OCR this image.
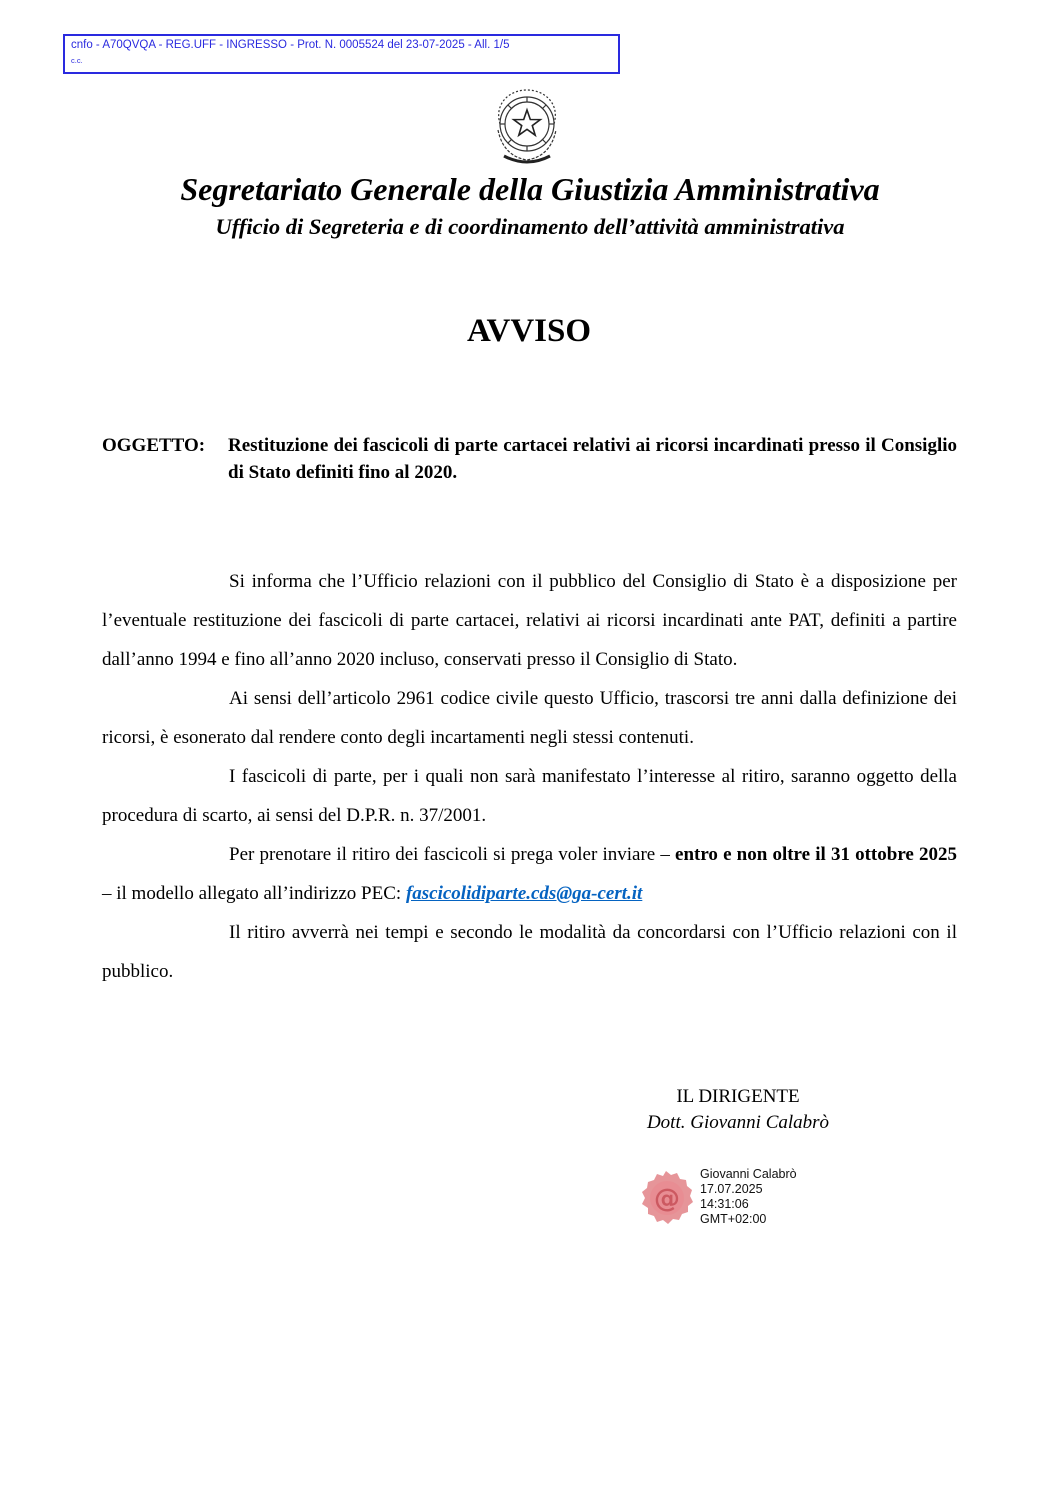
cnfo - A70QVQA - REG.UFF - INGRESSO - Prot. N. 0005524 del 23-07-2025 - All. 1/5
c.c.
Segretariato Generale della Giustizia Amministrativa
Ufficio di Segreteria e di coordinamento dell’attività amministrativa
AVVISO
OGGETTO: Restituzione dei fascicoli di parte cartacei relativi ai ricorsi incardinati presso il Consiglio di Stato definiti fino al 2020.

Si informa che l’Ufficio relazioni con il pubblico del Consiglio di Stato è a disposizione per l’eventuale restituzione dei fascicoli di parte cartacei, relativi ai ricorsi incardinati ante PAT, definiti a partire dall’anno 1994 e fino all’anno 2020 incluso, conservati presso il Consiglio di Stato.

Ai sensi dell’articolo 2961 codice civile questo Ufficio, trascorsi tre anni dalla definizione dei ricorsi, è esonerato dal rendere conto degli incartamenti negli stessi contenuti.

I fascicoli di parte, per i quali non sarà manifestato l’interesse al ritiro, saranno oggetto della procedura di scarto, ai sensi del D.P.R. n. 37/2001.

Per prenotare il ritiro dei fascicoli si prega voler inviare – entro e non oltre il 31 ottobre 2025 – il modello allegato all’indirizzo PEC: fascicolidiparte.cds@ga-cert.it

Il ritiro avverrà nei tempi e secondo le modalità da concordarsi con l’Ufficio relazioni con il pubblico.

IL DIRIGENTE
Dott. Giovanni Calabrò
@
Giovanni Calabrò
17.07.2025
14:31:06
GMT+02:00
